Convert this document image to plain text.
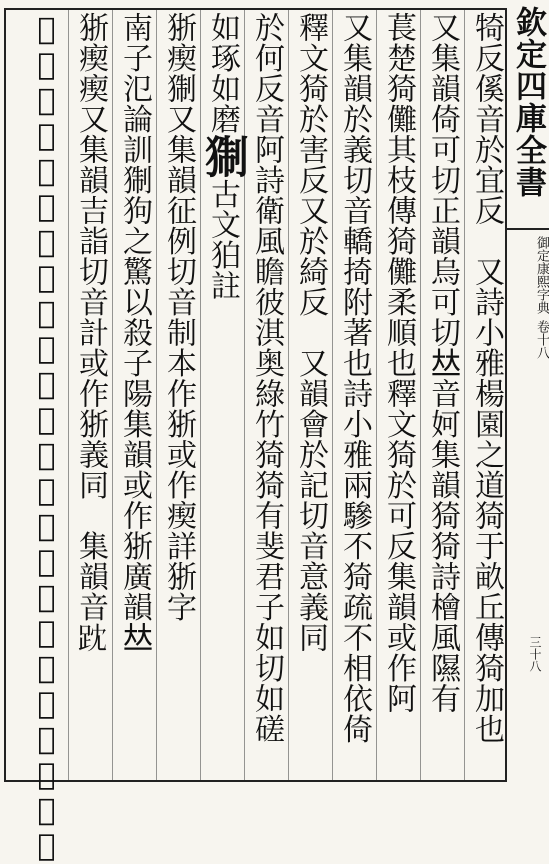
欽定四庫全書
御定康熙字典 卷十八
三十八
犄反傒音於宜反　又詩小雅楊園之道猗于畝丘傳猗加也
又集韻倚可切正韻烏可切𠀤音妸集韻猗猗詩檜風隰有
萇楚猗儺其枝傳猗儺柔順也釋文猗於可反集韻或作阿
又集韻於義切音轎掎附著也詩小雅兩驂不猗疏不相依倚
釋文猗於害反又於綺反　又韻會於記切音意義同
於何反音阿詩衛風瞻彼淇奥綠竹猗猗有斐君子如切如磋
如琢如磨猘古文狛註
狾瘈猘又集韻征例切音制本作狾或作瘈詳狾字
南子氾論訓猘狗之驚以殺子陽集韻或作狾廣韻𠀤
狾瘈瘈又集韻吉詣切音計或作狾義同　集韻音𧿒
𤟁音爭廣韻獸名似豹一角五尾山海經章峨之山有獸焉狀
